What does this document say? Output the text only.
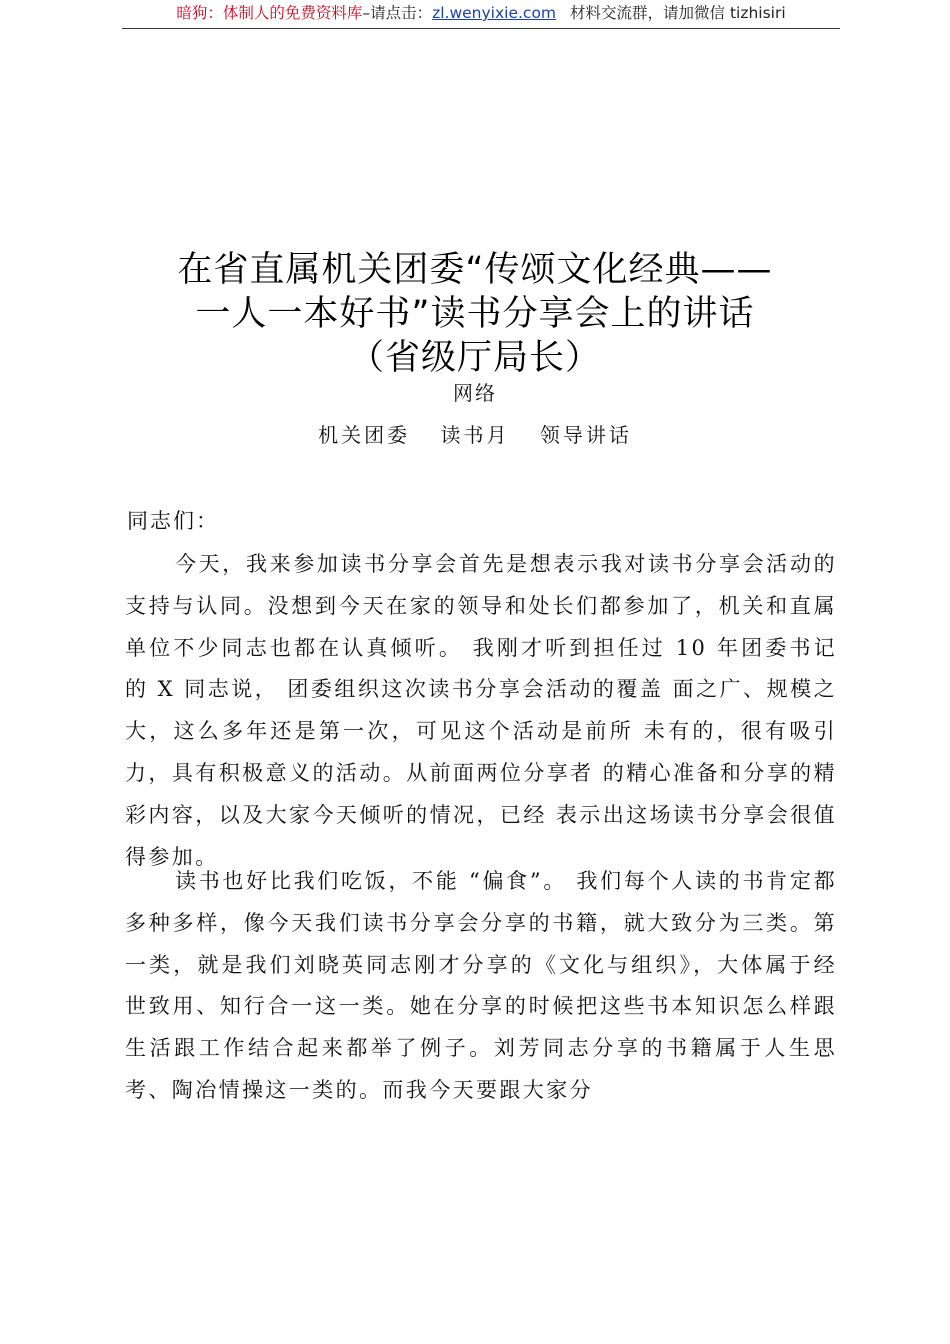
暗狗：体制人的免费资料库–请点击：zl.wenyixie.com 材料交流群，请加微信 tizhisiri
在省直属机关团委“传颂文化经典——
一人一本好书”读书分享会上的讲话
（省级厅局长）
网络
机关团委 读书月 领导讲话
同志们：

今天，我来参加读书分享会首先是想表示我对读书分享会活动的支持与认同。没想到今天在家的领导和处长们都参加了，机关和直属单位不少同志也都在认真倾听。 我刚才听到担任过 10 年团委书记的 X 同志说， 团委组织这次读书分享会活动的覆盖 面之广、规模之大，这么多年还是第一次，可见这个活动是前所 未有的，很有吸引力，具有积极意义的活动。从前面两位分享者 的精心准备和分享的精彩内容，以及大家今天倾听的情况，已经 表示出这场读书分享会很值得参加。

读书也好比我们吃饭，不能 “偏食”。 我们每个人读的书肯定都多种多样，像今天我们读书分享会分享的书籍，就大致分为三类。第一类，就是我们刘晓英同志刚才分享的《文化与组织》，大体属于经世致用、知行合一这一类。她在分享的时候把这些书本知识怎么样跟生活跟工作结合起来都举了例子。刘芳同志分享的书籍属于人生思考、陶冶情操这一类的。而我今天要跟大家分
